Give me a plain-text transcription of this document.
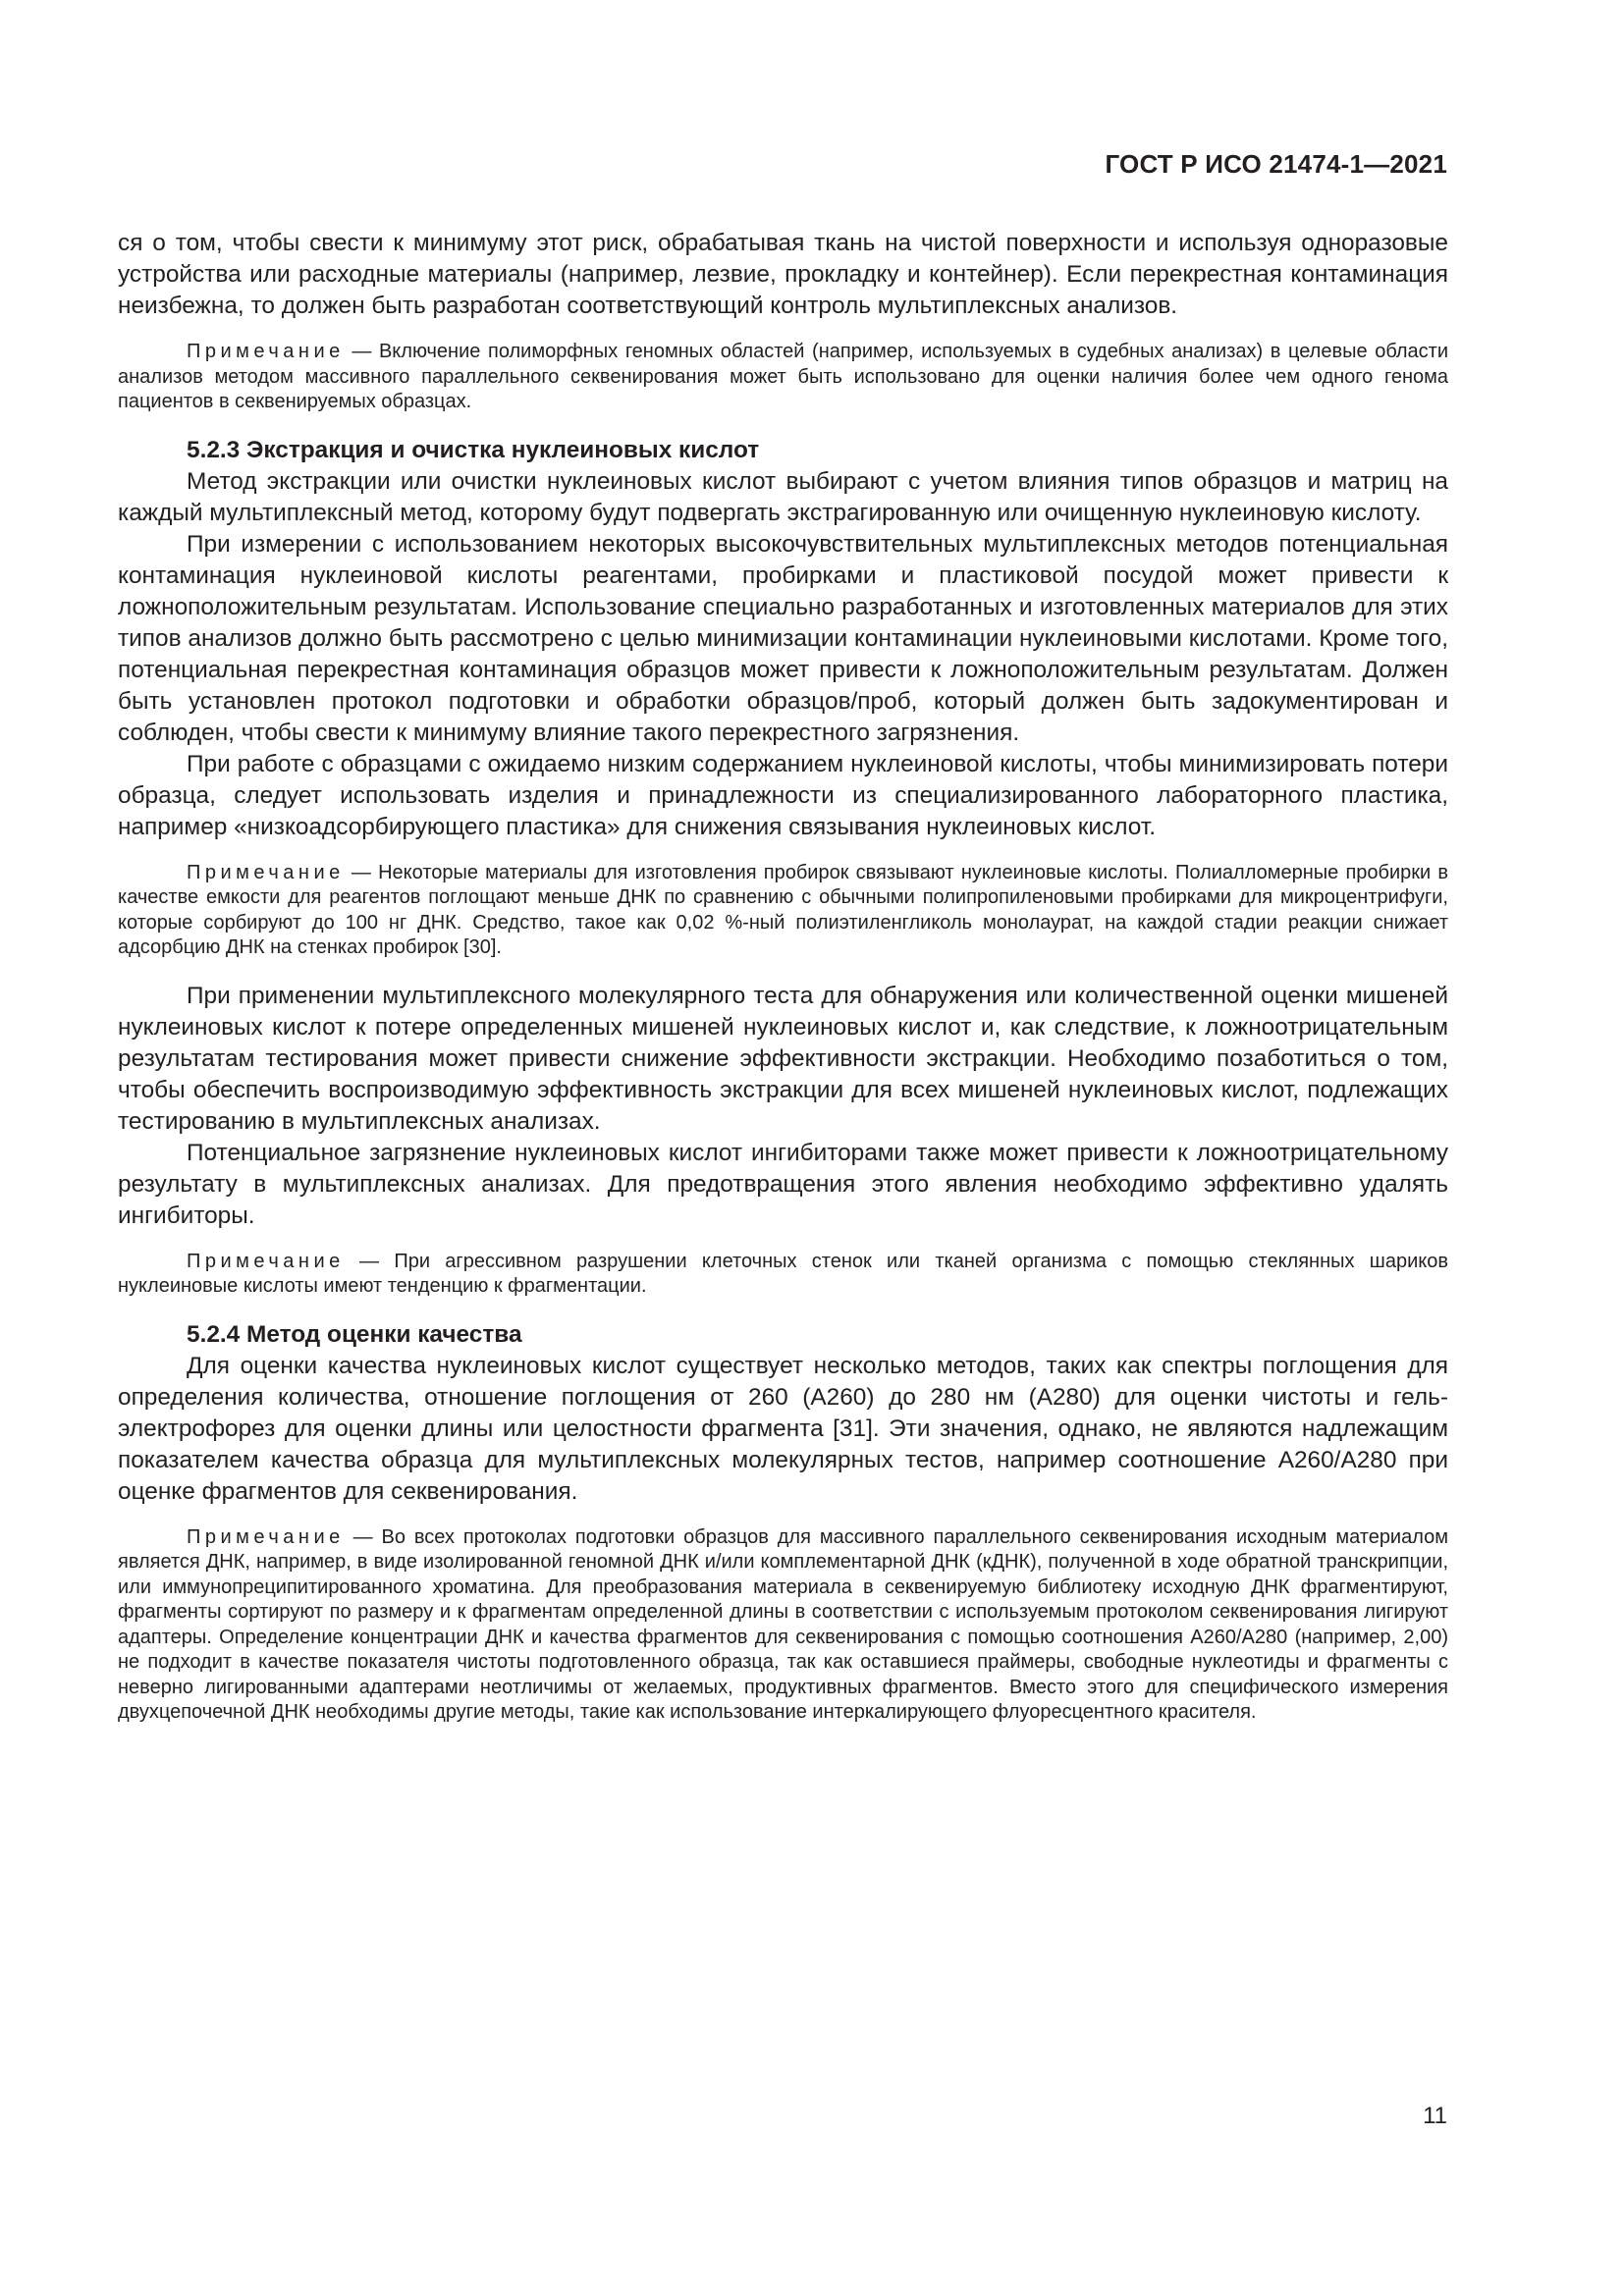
ГОСТ Р ИСО 21474-1—2021

ся о том, чтобы свести к минимуму этот риск, обрабатывая ткань на чистой поверхности и используя одноразовые устройства или расходные материалы (например, лезвие, прокладку и контейнер). Если перекрестная контаминация неизбежна, то должен быть разработан соответствующий контроль мультиплексных анализов.

Примечание — Включение полиморфных геномных областей (например, используемых в судебных анализах) в целевые области анализов методом массивного параллельного секвенирования может быть использовано для оценки наличия более чем одного генома пациентов в секвенируемых образцах.

5.2.3 Экстракция и очистка нуклеиновых кислот

Метод экстракции или очистки нуклеиновых кислот выбирают с учетом влияния типов образцов и матриц на каждый мультиплексный метод, которому будут подвергать экстрагированную или очищенную нуклеиновую кислоту.

При измерении с использованием некоторых высокочувствительных мультиплексных методов потенциальная контаминация нуклеиновой кислоты реагентами, пробирками и пластиковой посудой может привести к ложноположительным результатам. Использование специально разработанных и изготовленных материалов для этих типов анализов должно быть рассмотрено с целью минимизации контаминации нуклеиновыми кислотами. Кроме того, потенциальная перекрестная контаминация образцов может привести к ложноположительным результатам. Должен быть установлен протокол подготовки и обработки образцов/проб, который должен быть задокументирован и соблюден, чтобы свести к минимуму влияние такого перекрестного загрязнения.

При работе с образцами с ожидаемо низким содержанием нуклеиновой кислоты, чтобы минимизировать потери образца, следует использовать изделия и принадлежности из специализированного лабораторного пластика, например «низкоадсорбирующего пластика» для снижения связывания нуклеиновых кислот.

Примечание — Некоторые материалы для изготовления пробирок связывают нуклеиновые кислоты. Полиалломерные пробирки в качестве емкости для реагентов поглощают меньше ДНК по сравнению с обычными полипропиленовыми пробирками для микроцентрифуги, которые сорбируют до 100 нг ДНК. Средство, такое как 0,02 %-ный полиэтиленгликоль монолаурат, на каждой стадии реакции снижает адсорбцию ДНК на стенках пробирок [30].

При применении мультиплексного молекулярного теста для обнаружения или количественной оценки мишеней нуклеиновых кислот к потере определенных мишеней нуклеиновых кислот и, как следствие, к ложноотрицательным результатам тестирования может привести снижение эффективности экстракции. Необходимо позаботиться о том, чтобы обеспечить воспроизводимую эффективность экстракции для всех мишеней нуклеиновых кислот, подлежащих тестированию в мультиплексных анализах.

Потенциальное загрязнение нуклеиновых кислот ингибиторами также может привести к ложноотрицательному результату в мультиплексных анализах. Для предотвращения этого явления необходимо эффективно удалять ингибиторы.

Примечание — При агрессивном разрушении клеточных стенок или тканей организма с помощью стеклянных шариков нуклеиновые кислоты имеют тенденцию к фрагментации.

5.2.4 Метод оценки качества

Для оценки качества нуклеиновых кислот существует несколько методов, таких как спектры поглощения для определения количества, отношение поглощения от 260 (А260) до 280 нм (А280) для оценки чистоты и гель-электрофорез для оценки длины или целостности фрагмента [31]. Эти значения, однако, не являются надлежащим показателем качества образца для мультиплексных молекулярных тестов, например соотношение А260/А280 при оценке фрагментов для секвенирования.

Примечание — Во всех протоколах подготовки образцов для массивного параллельного секвенирования исходным материалом является ДНК, например, в виде изолированной геномной ДНК и/или комплементарной ДНК (кДНК), полученной в ходе обратной транскрипции, или иммунопреципитированного хроматина. Для преобразования материала в секвенируемую библиотеку исходную ДНК фрагментируют, фрагменты сортируют по размеру и к фрагментам определенной длины в соответствии с используемым протоколом секвенирования лигируют адаптеры. Определение концентрации ДНК и качества фрагментов для секвенирования с помощью соотношения А260/А280 (например, 2,00) не подходит в качестве показателя чистоты подготовленного образца, так как оставшиеся праймеры, свободные нуклеотиды и фрагменты с неверно лигированными адаптерами неотличимы от желаемых, продуктивных фрагментов. Вместо этого для специфического измерения двухцепочечной ДНК необходимы другие методы, такие как использование интеркалирующего флуоресцентного красителя.

11
